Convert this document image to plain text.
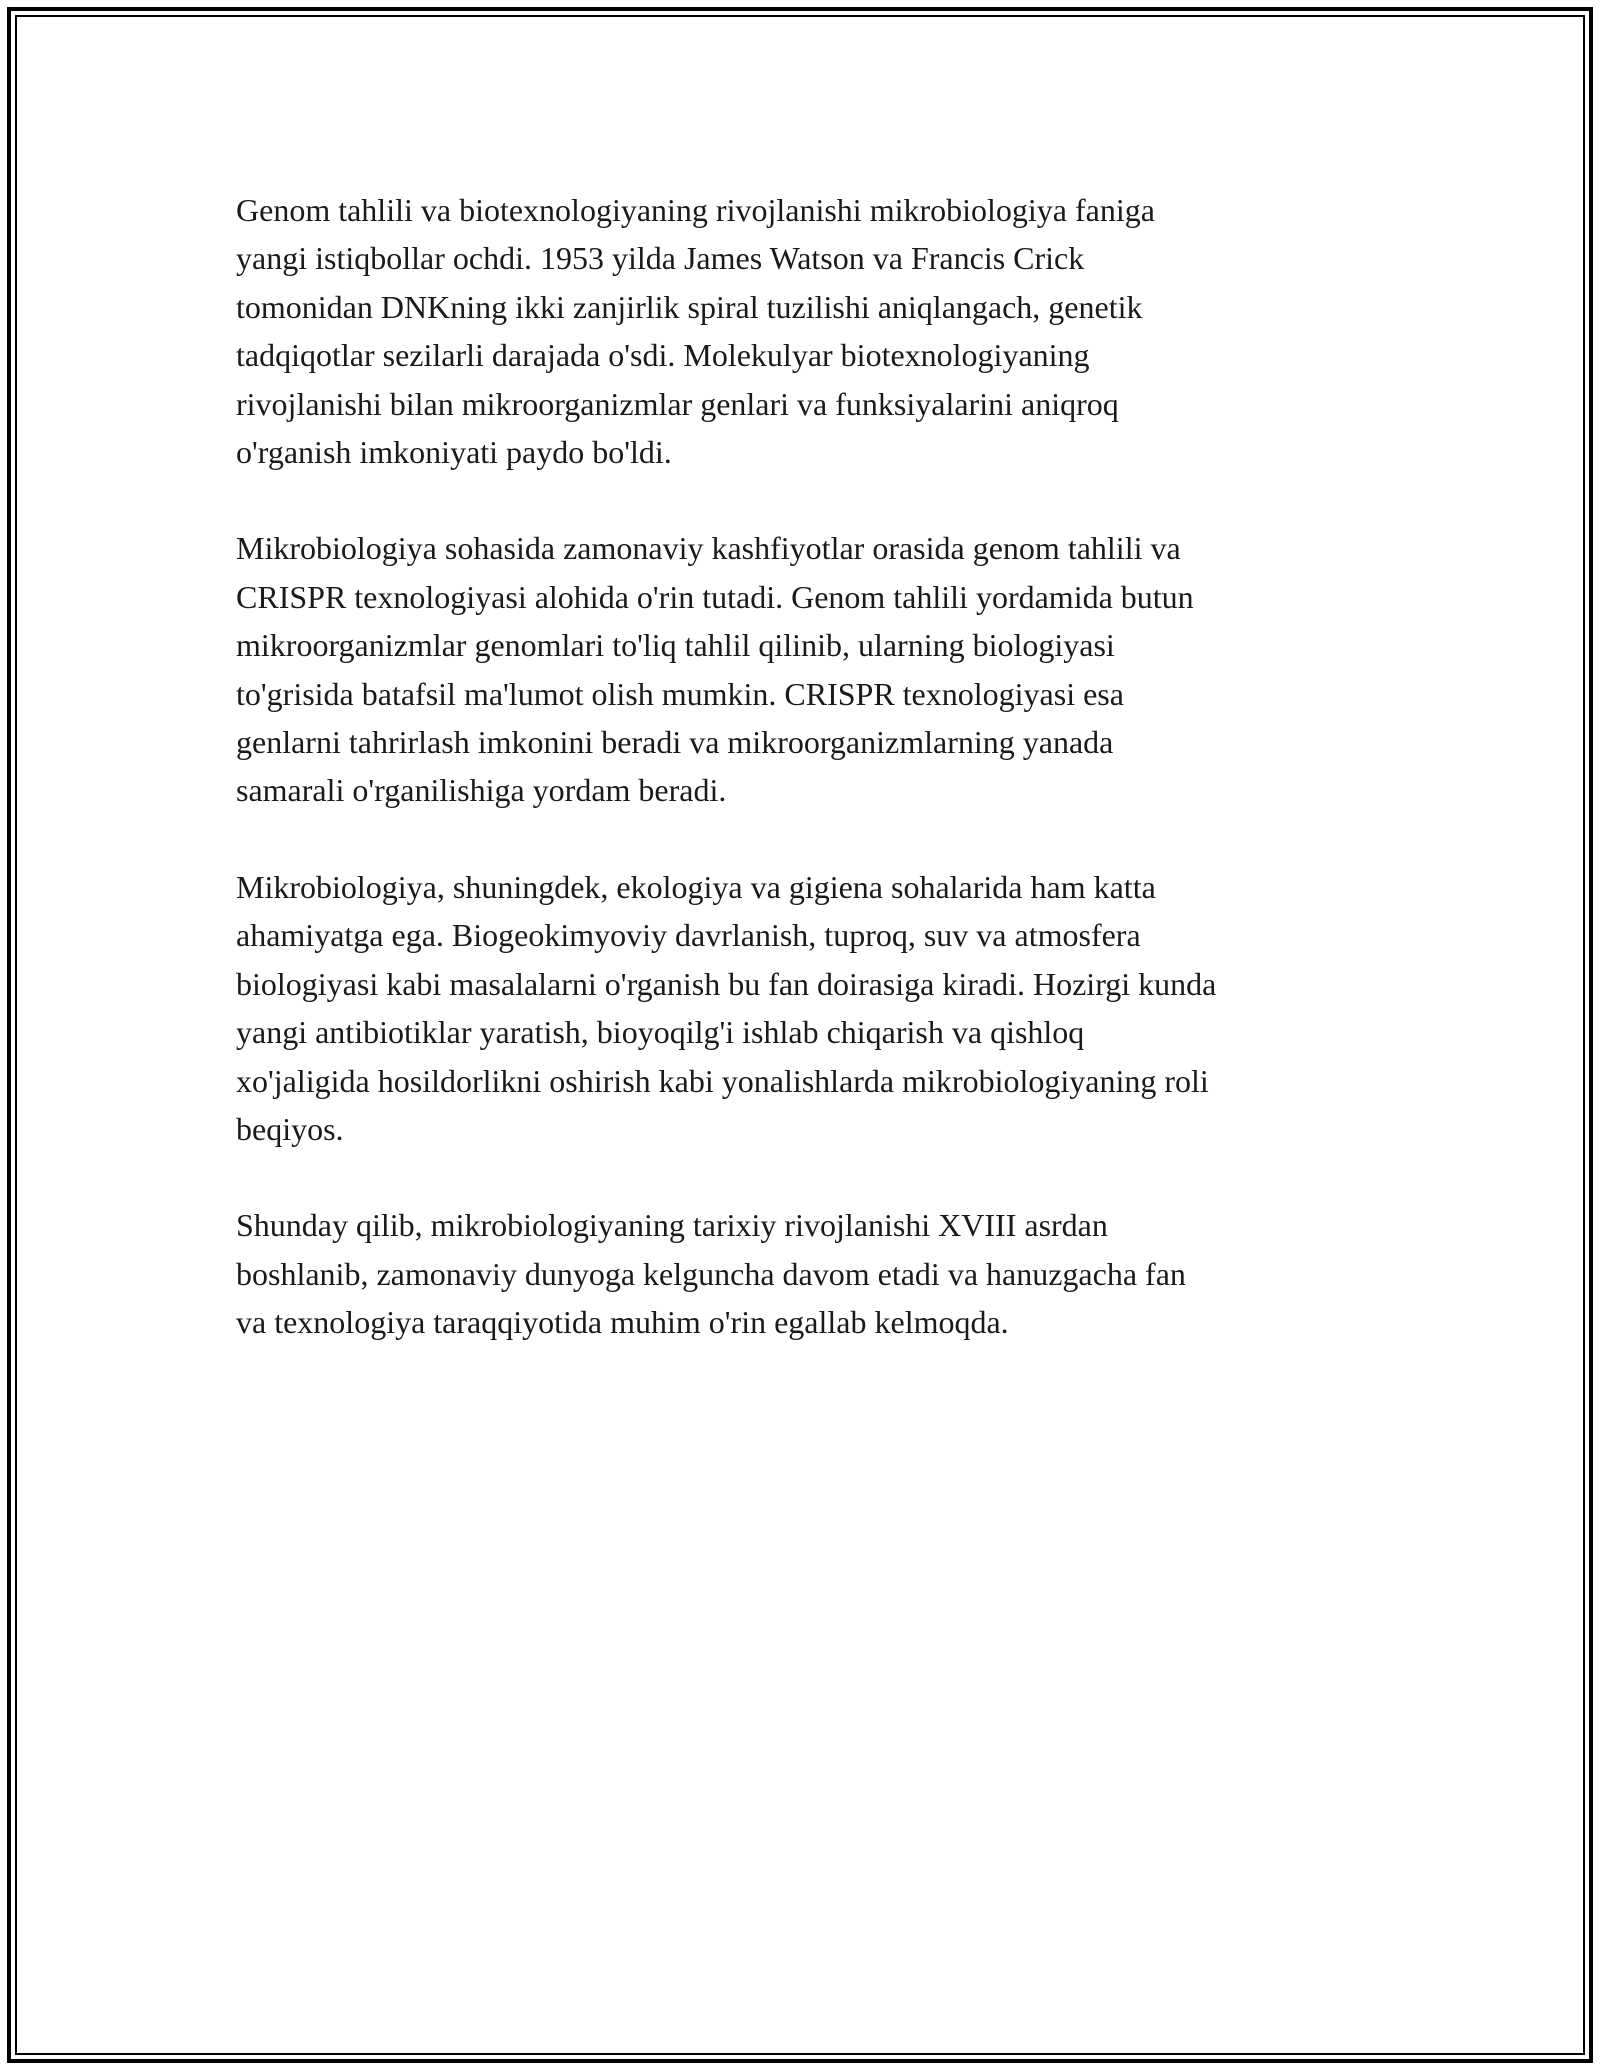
Genom tahlili va biotexnologiyaning rivojlanishi mikrobiologiya faniga
yangi istiqbollar ochdi. 1953 yilda James Watson va Francis Crick
tomonidan DNKning ikki zanjirlik spiral tuzilishi aniqlangach, genetik
tadqiqotlar sezilarli darajada o'sdi. Molekulyar biotexnologiyaning
rivojlanishi bilan mikroorganizmlar genlari va funksiyalarini aniqroq
o'rganish imkoniyati paydo bo'ldi.

Mikrobiologiya sohasida zamonaviy kashfiyotlar orasida genom tahlili va
CRISPR texnologiyasi alohida o'rin tutadi. Genom tahlili yordamida butun
mikroorganizmlar genomlari to'liq tahlil qilinib, ularning biologiyasi
to'grisida batafsil ma'lumot olish mumkin. CRISPR texnologiyasi esa
genlarni tahrirlash imkonini beradi va mikroorganizmlarning yanada
samarali o'rganilishiga yordam beradi.

Mikrobiologiya, shuningdek, ekologiya va gigiena sohalarida ham katta
ahamiyatga ega. Biogeokimyoviy davrlanish, tuproq, suv va atmosfera
biologiyasi kabi masalalarni o'rganish bu fan doirasiga kiradi. Hozirgi kunda
yangi antibiotiklar yaratish, bioyoqilg'i ishlab chiqarish va qishloq
xo'jaligida hosildorlikni oshirish kabi yonalishlarda mikrobiologiyaning roli
beqiyos.

Shunday qilib, mikrobiologiyaning tarixiy rivojlanishi XVIII asrdan
boshlanib, zamonaviy dunyoga kelguncha davom etadi va hanuzgacha fan
va texnologiya taraqqiyotida muhim o'rin egallab kelmoqda.
